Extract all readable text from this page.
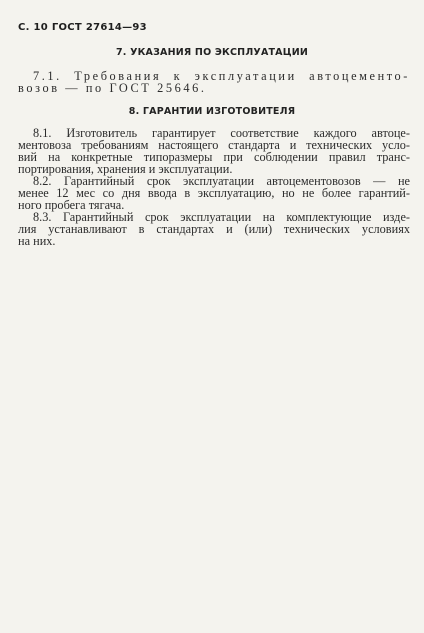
С. 10 ГОСТ 27614—93
7. УКАЗАНИЯ ПО ЭКСПЛУАТАЦИИ
7.1. Требования к эксплуатации автоцементо-
возов — по ГОСТ 25646.
8. ГАРАНТИИ ИЗГОТОВИТЕЛЯ
8.1. Изготовитель гарантирует соответствие каждого автоце-
ментовоза требованиям настоящего стандарта и технических усло-
вий на конкретные типоразмеры при соблюдении правил транс-
портирования, хранения и эксплуатации.
8.2. Гарантийный срок эксплуатации автоцементовозов — не
менее 12 мес со дня ввода в эксплуатацию, но не более гарантий-
ного пробега тягача.
8.3. Гарантийный срок эксплуатации на комплектующие изде-
лия устанавливают в стандартах и (или) технических условиях
на них.
